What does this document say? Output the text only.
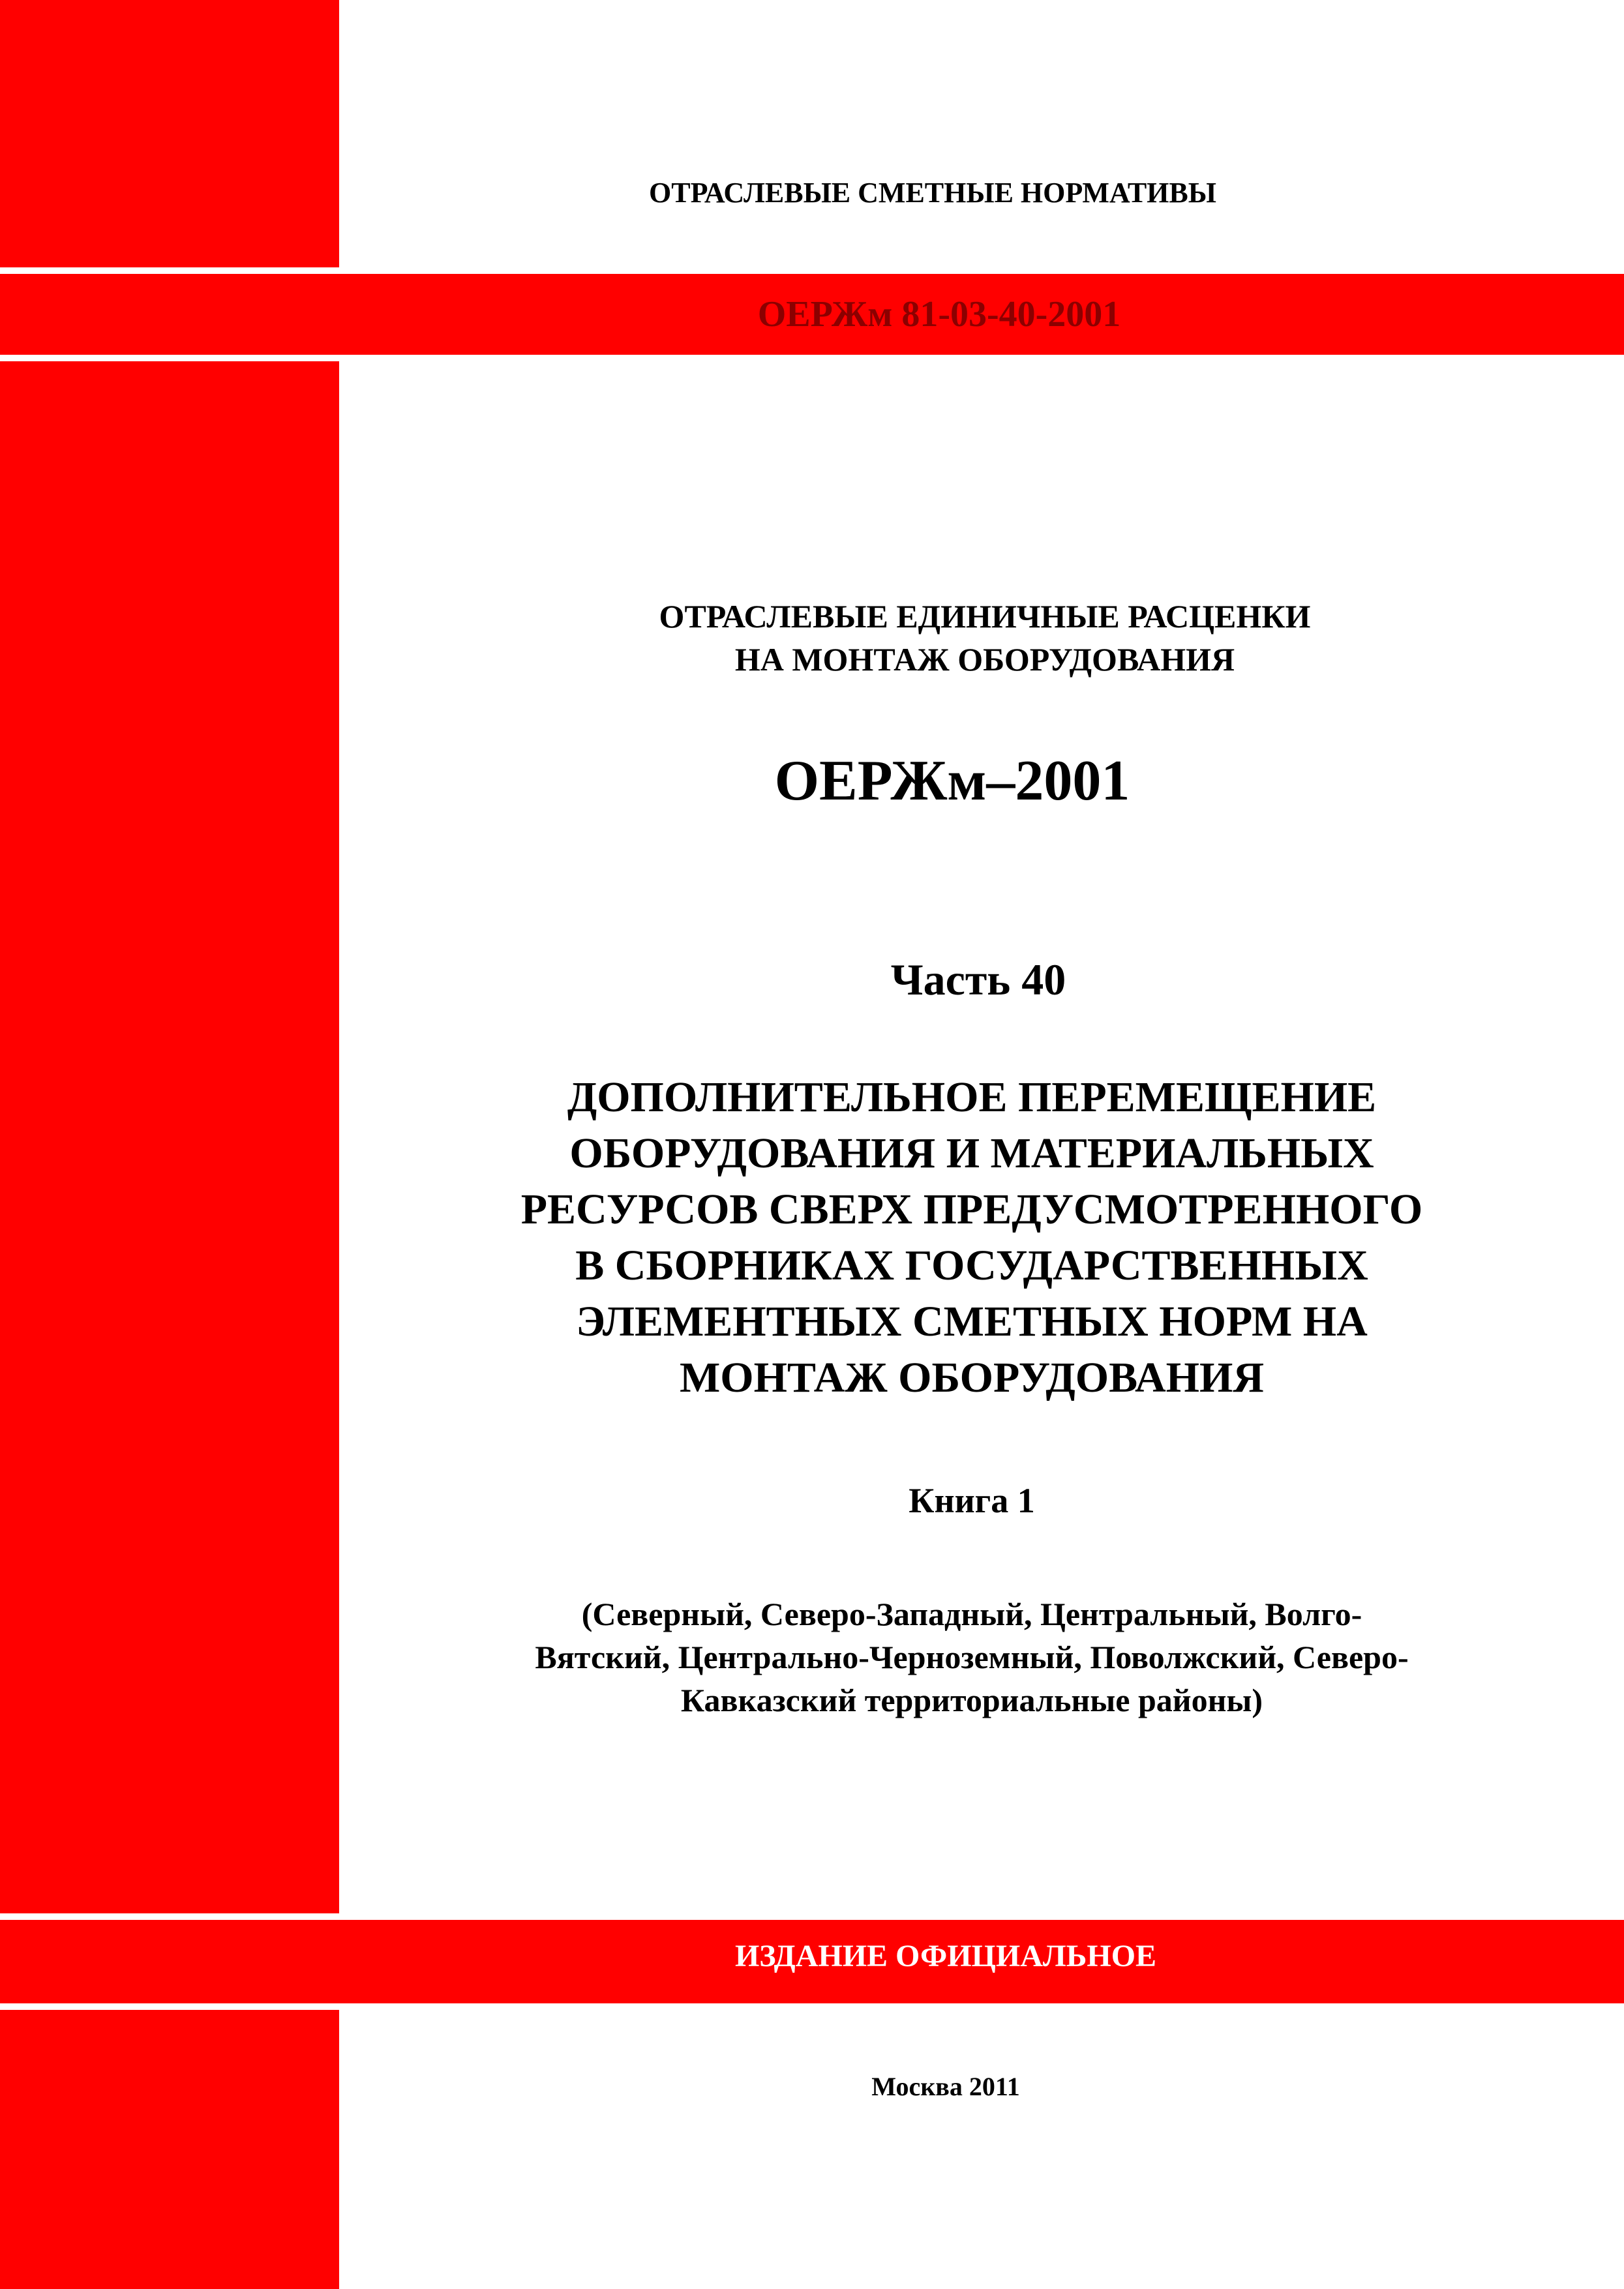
ОТРАСЛЕВЫЕ СМЕТНЫЕ НОРМАТИВЫ

ОЕРЖм 81-03-40-2001

ОТРАСЛЕВЫЕ ЕДИНИЧНЫЕ РАСЦЕНКИ
НА МОНТАЖ ОБОРУДОВАНИЯ

ОЕРЖм–2001

Часть 40

ДОПОЛНИТЕЛЬНОЕ ПЕРЕМЕЩЕНИЕ
ОБОРУДОВАНИЯ И МАТЕРИАЛЬНЫХ
РЕСУРСОВ СВЕРХ ПРЕДУСМОТРЕННОГО
В СБОРНИКАХ ГОСУДАРСТВЕННЫХ
ЭЛЕМЕНТНЫХ СМЕТНЫХ НОРМ НА
МОНТАЖ ОБОРУДОВАНИЯ

Книга 1

(Северный, Северо-Западный, Центральный, Волго-
Вятский, Центрально-Черноземный, Поволжский, Северо-
Кавказский территориальные районы)

ИЗДАНИЕ ОФИЦИАЛЬНОЕ

Москва 2011
